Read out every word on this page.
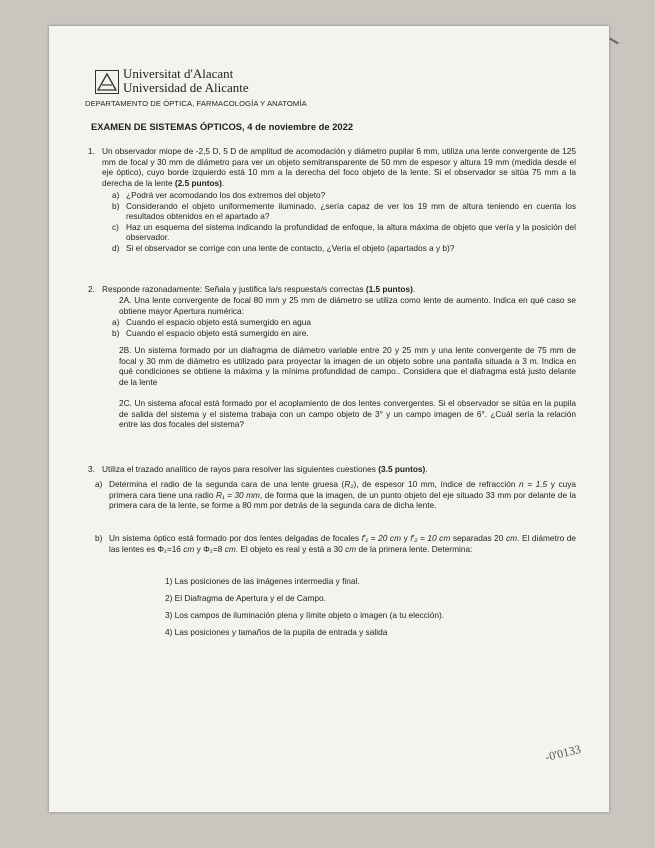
Universitat d'Alacant
Universidad de Alicante
DEPARTAMENTO DE ÓPTICA, FARMACOLOGÍA Y ANATOMÍA
EXAMEN DE SISTEMAS ÓPTICOS, 4 de noviembre de 2022
1. Un observador miope de -2,5 D, 5 D de amplitud de acomodación y diámetro pupilar 6 mm, utiliza una lente convergente de 125 mm de focal y 30 mm de diámetro para ver un objeto semitransparente de 50 mm de espesor y altura 19 mm (medida desde el eje óptico), cuyo borde izquierdo está 10 mm a la derecha del foco objeto de la lente. Si el observador se sitúa 75 mm a la derecha de la lente (2.5 puntos).
a) ¿Podrá ver acomodando los dos extremos del objeto?
b) Considerando el objeto uniformemente iluminado, ¿sería capaz de ver los 19 mm de altura teniendo en cuenta los resultados obtenidos en el apartado a?
c) Haz un esquema del sistema indicando la profundidad de enfoque, la altura máxima de objeto que vería y la posición del observador.
d) Si el observador se corrige con una lente de contacto, ¿Vería el objeto (apartados a y b)?
2. Responde razonadamente: Señala y justifica la/s respuesta/s correctas (1.5 puntos).
2A. Una lente convergente de focal 80 mm y 25 mm de diámetro se utiliza como lente de aumento. Indica en qué caso se obtiene mayor Apertura numérica:
a) Cuando el espacio objeto está sumergido en agua
b) Cuando el espacio objeto está sumergido en aire.
2B. Un sistema formado por un diafragma de diámetro variable entre 20 y 25 mm y una lente convergente de 75 mm de focal y 30 mm de diámetro es utilizado para proyectar la imagen de un objeto sobre una pantalla situada a 3 m. Indica en qué condiciones se obtiene la máxima y la mínima profundidad de campo.. Considera que el diafragma está justo delante de la lente
2C. Un sistema afocal está formado por el acoplamiento de dos lentes convergentes. Si el observador se sitúa en la pupila de salida del sistema y el sistema trabaja con un campo objeto de 3° y un campo imagen de 6°. ¿Cuál sería la relación entre las dos focales del sistema?
3. Utiliza el trazado analítico de rayos para resolver las siguientes cuestiones (3.5 puntos).
a) Determina el radio de la segunda cara de una lente gruesa (R₂), de espesor 10 mm, índice de refracción n = 1.5 y cuya primera cara tiene una radio R₁ = 30 mm, de forma que la imagen, de un punto objeto del eje situado 33 mm por delante de la primera cara de la lente, se forme a 80 mm por detrás de la segunda cara de dicha lente.
b) Un sistema óptico está formado por dos lentes delgadas de focales f′₁ = 20 cm y f′₂ = 10 cm separadas 20 cm. El diámetro de las lentes es Φ₁=16 cm y Φ₂=8 cm. El objeto es real y está a 30 cm de la primera lente. Determina:
1) Las posiciones de las imágenes intermedia y final.
2) El Diafragma de Apertura y el de Campo.
3) Los campos de iluminación plena y límite objeto o imagen (a tu elección).
4) Las posiciones y tamaños de la pupila de entrada y salida
-0'0133
